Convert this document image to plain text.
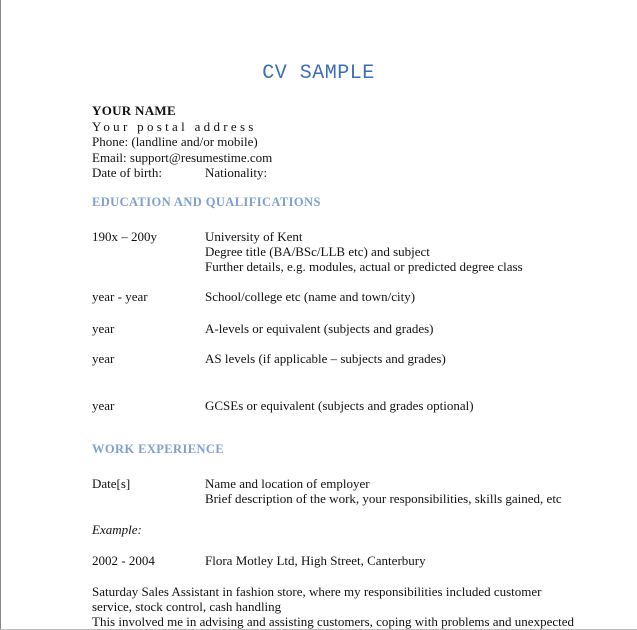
CV SAMPLE
YOUR NAME
Your postal address
Phone: (landline and/or mobile)
Email: support@resumestime.com
Date of birth:	Nationality:
EDUCATION AND QUALIFICATIONS
190x – 200y	University of Kent
Degree title (BA/BSc/LLB etc) and subject
Further details, e.g. modules, actual or predicted degree class
year - year	School/college etc (name and town/city)
year	A-levels or equivalent (subjects and grades)
year	AS levels (if applicable – subjects and grades)
year	GCSEs or equivalent (subjects and grades optional)
WORK EXPERIENCE
Date[s]	Name and location of employer
Brief description of the work, your responsibilities, skills gained, etc
Example:
2002 - 2004	Flora Motley Ltd, High Street, Canterbury
Saturday Sales Assistant in fashion store, where my responsibilities included customer
service, stock control, cash handling
This involved me in advising and assisting customers, coping with problems and unexpected
